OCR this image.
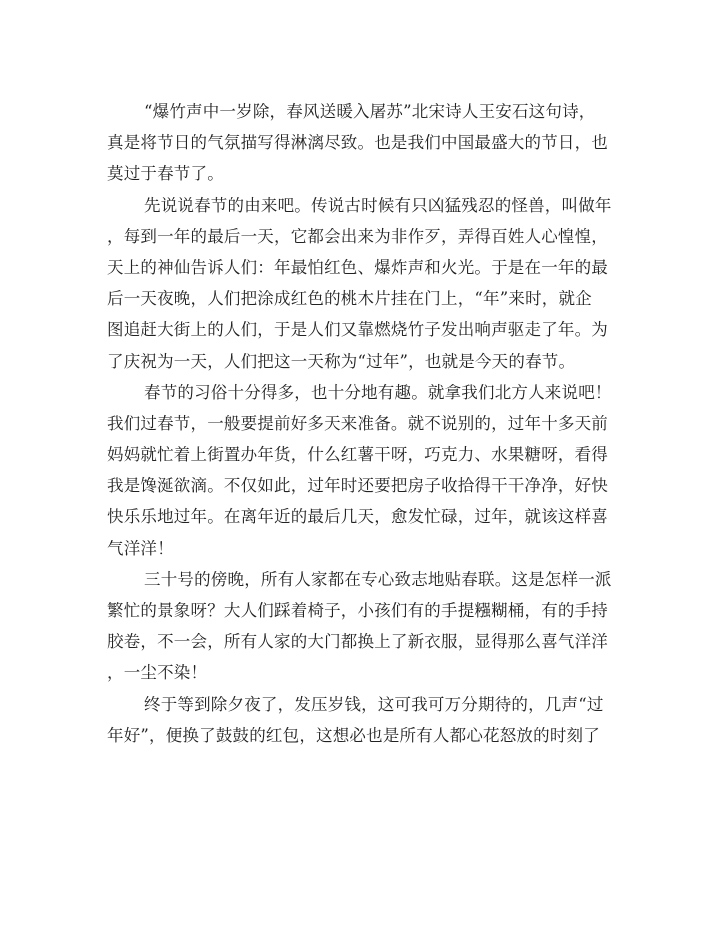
“爆竹声中一岁除，春风送暖入屠苏”北宋诗人王安石这句诗，
真是将节日的气氛描写得淋漓尽致。也是我们中国最盛大的节日，也
莫过于春节了。
先说说春节的由来吧。传说古时候有只凶猛残忍的怪兽，叫做年
，每到一年的最后一天，它都会出来为非作歹，弄得百姓人心惶惶，
天上的神仙告诉人们：年最怕红色、爆炸声和火光。于是在一年的最
后一天夜晚，人们把涂成红色的桃木片挂在门上，“年”来时，就企
图追赶大街上的人们，于是人们又靠燃烧竹子发出响声驱走了年。为
了庆祝为一天，人们把这一天称为“过年”，也就是今天的春节。
春节的习俗十分得多，也十分地有趣。就拿我们北方人来说吧！
我们过春节，一般要提前好多天来准备。就不说别的，过年十多天前
妈妈就忙着上街置办年货，什么红薯干呀，巧克力、水果糖呀，看得
我是馋涎欲滴。不仅如此，过年时还要把房子收拾得干干净净，好快
快乐乐地过年。在离年近的最后几天，愈发忙碌，过年，就该这样喜
气洋洋！
三十号的傍晚，所有人家都在专心致志地贴春联。这是怎样一派
繁忙的景象呀？大人们踩着椅子，小孩们有的手提糨糊桶，有的手持
胶卷，不一会，所有人家的大门都换上了新衣服，显得那么喜气洋洋
，一尘不染！
终于等到除夕夜了，发压岁钱，这可我可万分期待的，几声“过
年好”，便换了鼓鼓的红包，这想必也是所有人都心花怒放的时刻了
